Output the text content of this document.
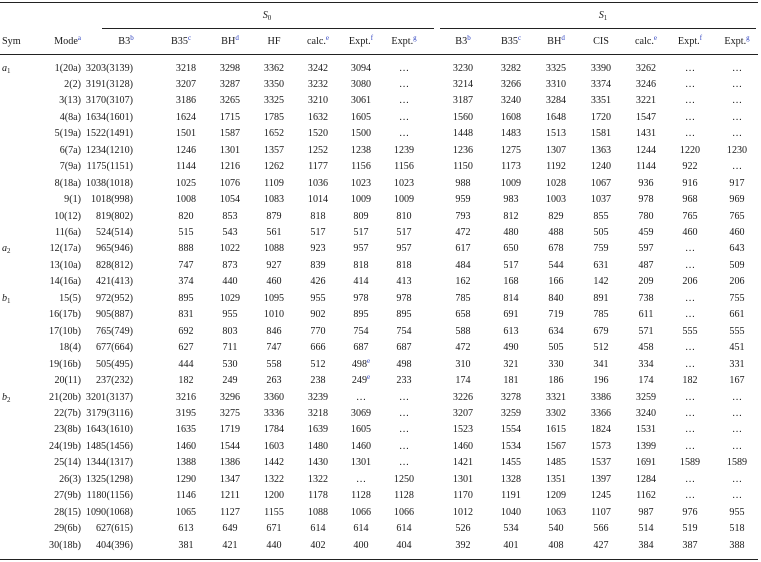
$S_0$	$S_1$
Sym	Mode$^a$	B3$^b$	B35$^c$	$BH^d$	HF	calc.$^e$ Expt.$^f$ Expt.$^g$	B3$^b$	B35$^c$	$BH^d$	CIS	calc.$^e$ Expt.$^f$ Expt.$^g$
$a_1$	1(20a) 3203(3139)	3218 3298 3362 3242 3094	…	3230	3282 3325 3390 3262	…	…
2(2) 3191(3128)	3207 3287 3350 3232 3080	…	3214	3266 3310 3374 3246	…	…
3(13) 3170(3107)	3186 3265 3325 3210 3061	…	3187	3240 3284 3351 3221	…	…
4(8a) 1634(1601)	1624 1715 1785 1632 1605	…	1560	1608 1648 1720 1547	…	…
5(19a) 1522(1491)	1501 1587 1652 1520 1500	…	1448	1483 1513 1581 1431	…	…
6(7a) 1234(1210)	1246 1301 1357 1252 1238 1239	1236	1275 1307 1363 1244 1220	1230
7(9a) 1175(1151)	1144 1216 1262 1177 1156 1156	1150	1173 1192 1240 1144	922	…
8(18a) 1038(1018)	1025 1076 1109 1036 1023 1023	988	1009 1028 1067	936	916	917
9(1) 1018(998)	1008 1054 1083 1014 1009 1009	959	983	1003 1037	978	968	969
10(12) 819(802)	820	853	879	818	809	810	793	812	829	855	780	765	765
11(6a) 524(514)	515	543	561	517	517	517	472	480	488	505	459	460	460
$a_2$	12(17a) 965(946)	888	1022 1088	923	957	957	617	650	678	759	597	…	643
13(10a) 828(812)	747	873	927	839	818	818	484	517	544	631	487	…	509
14(16a) 421(413)	374	440	460	426	414	413	162	168	166	142	209	206	206
$b_1$	15(5) 972(952)	895	1029 1095	955	978	978	785	814	840	891	738	…	755
16(17b) 905(887)	831	955	1010	902	895	895	658	691	719	785	611	…	661
17(10b) 765(749)	692	803	846	770	754	754	588	613	634	679	571	555	555
18(4) 677(664)	627	711	747	666	687	687	472	490	505	512	458	…	451
19(16b) 505(495)	444	530	558	512	498e	498	310	321	330	341	334	…	331
20(11) 237(232)	182	249	263	238	249e	233	174	181	186	196	174	182	167
$b_2$	21(20b) 3201(3137)	3216 3296 3360 3239	…	…	3226	3278 3321 3386 3259	…	…
22(7b) 3179(3116)	3195 3275 3336 3218 3069	…	3207	3259 3302 3366 3240	…	…
23(8b) 1643(1610)	1635 1719 1784 1639 1605	…	1523	1554 1615 1824 1531	…	…
24(19b) 1485(1456)	1460 1544 1603 1480 1460	…	1460	1534 1567 1573 1399	…	…
25(14) 1344(1317)	1388 1386 1442 1430 1301	…	1421	1455 1485 1537 1691 1589	1589
26(3) 1325(1298)	1290 1347 1322 1322	…	1250	1301	1328 1351 1397 1284	…	…
27(9b) 1180(1156)	1146 1211 1200 1178 1128 1128	1170	1191 1209 1245 1162	…	…
28(15) 1090(1068)	1065 1127 1155 1088 1066 1066	1012	1040 1063 1107	987	976	955
29(6b) 627(615)	613	649	671	614	614	614	526	534	540	566	514	519	518
30(18b) 404(396)	381	421	440	402	400	404	392	401	408	427	384	387	388
